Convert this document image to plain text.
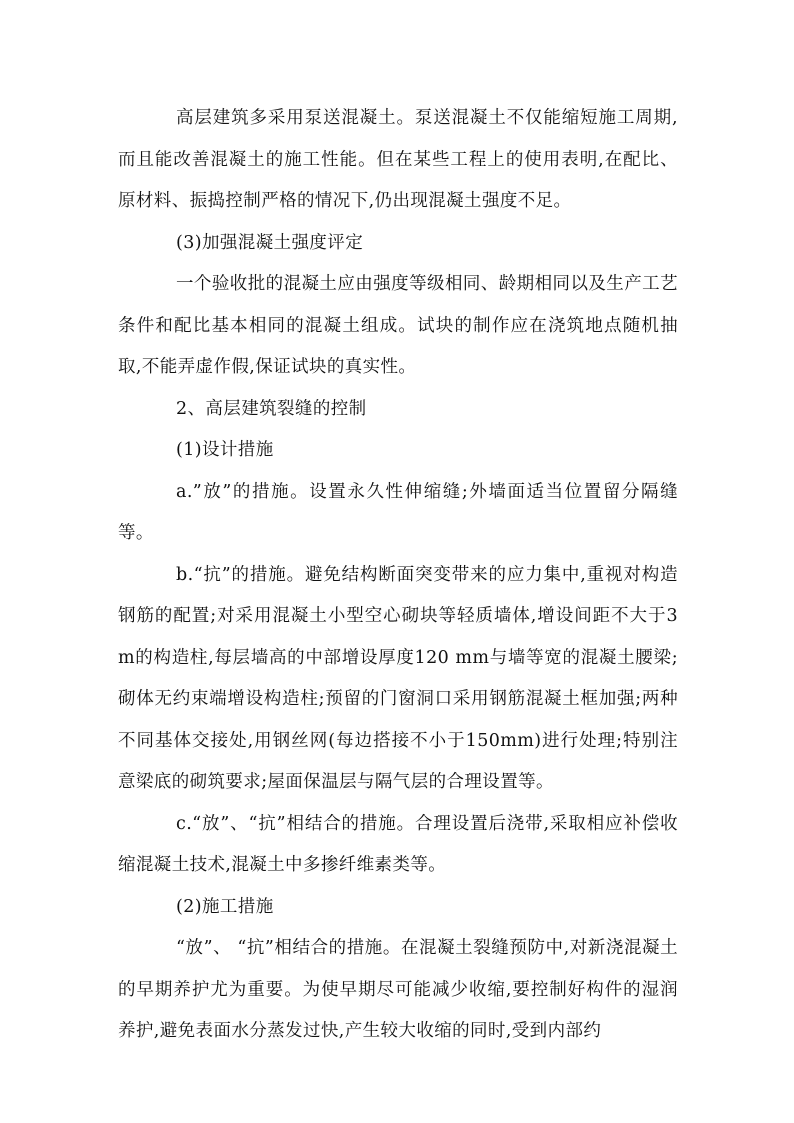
高层建筑多采用泵送混凝土。泵送混凝土不仅能缩短施工周期,而且能改善混凝土的施工性能。但在某些工程上的使用表明,在配比、原材料、振捣控制严格的情况下,仍出现混凝土强度不足。

(3)加强混凝土强度评定

一个验收批的混凝土应由强度等级相同、龄期相同以及生产工艺条件和配比基本相同的混凝土组成。试块的制作应在浇筑地点随机抽取,不能弄虚作假,保证试块的真实性。

2、高层建筑裂缝的控制

(1)设计措施

a.”放”的措施。设置永久性伸缩缝;外墙面适当位置留分隔缝等。

b.“抗”的措施。避免结构断面突变带来的应力集中,重视对构造钢筋的配置;对采用混凝土小型空心砌块等轻质墙体,增设间距不大于3 m的构造柱,每层墙高的中部增设厚度120 mm与墙等宽的混凝土腰梁;砌体无约束端增设构造柱;预留的门窗洞口采用钢筋混凝土框加强;两种不同基体交接处,用钢丝网(每边搭接不小于150mm)进行处理;特别注意梁底的砌筑要求;屋面保温层与隔气层的合理设置等。

c.“放”、“抗”相结合的措施。合理设置后浇带,采取相应补偿收缩混凝土技术,混凝土中多掺纤维素类等。

(2)施工措施

“放”、 “抗”相结合的措施。在混凝土裂缝预防中,对新浇混凝土的早期养护尤为重要。为使早期尽可能减少收缩,要控制好构件的湿润养护,避免表面水分蒸发过快,产生较大收缩的同时,受到内部约
